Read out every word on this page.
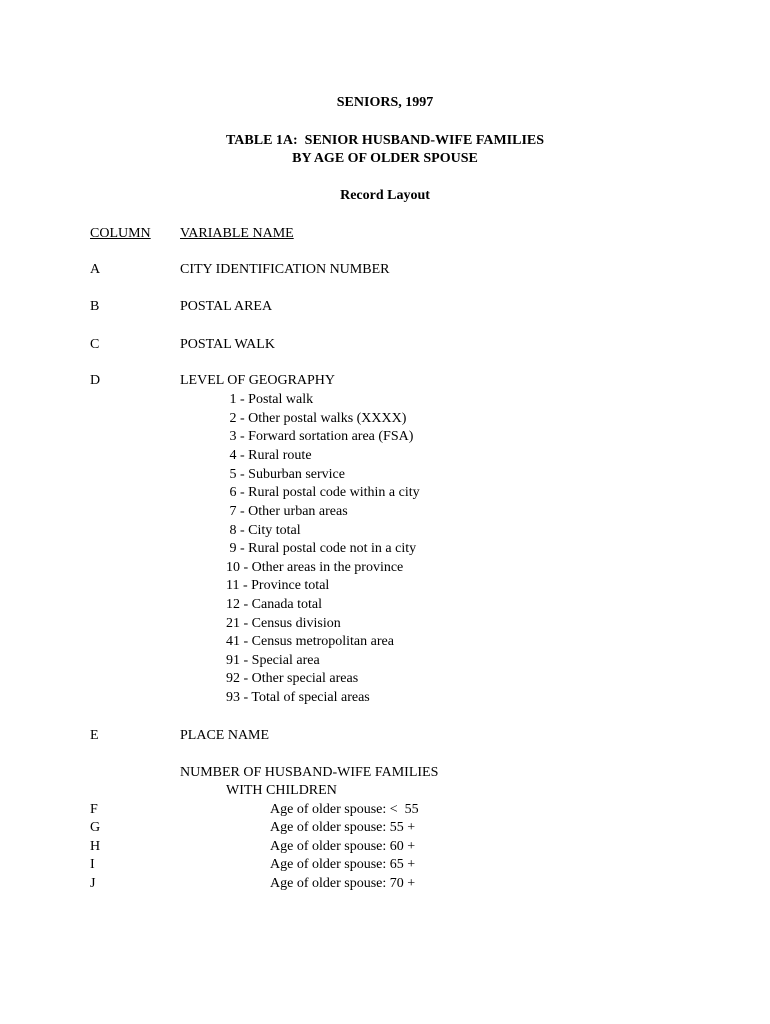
SENIORS, 1997
TABLE 1A:  SENIOR HUSBAND-WIFE FAMILIES
BY AGE OF OLDER SPOUSE
Record Layout
COLUMN VARIABLE NAME
A	CITY IDENTIFICATION NUMBER
B	POSTAL AREA
C	POSTAL WALK
D	LEVEL OF GEOGRAPHY
1 - Postal walk
2 - Other postal walks (XXXX)
3 - Forward sortation area (FSA)
4 - Rural route
5 - Suburban service
6 - Rural postal code within a city
7 - Other urban areas
8 - City total
9 - Rural postal code not in a city
10 - Other areas in the province
11 - Province total
12 - Canada total
21 - Census division
41 - Census metropolitan area
91 - Special area
92 - Other special areas
93 - Total of special areas
E	PLACE NAME
NUMBER OF HUSBAND-WIFE FAMILIES
WITH CHILDREN
F	Age of older spouse: <  55
G	Age of older spouse: 55 +
H	Age of older spouse: 60 +
I	Age of older spouse: 65 +
J	Age of older spouse: 70 +
